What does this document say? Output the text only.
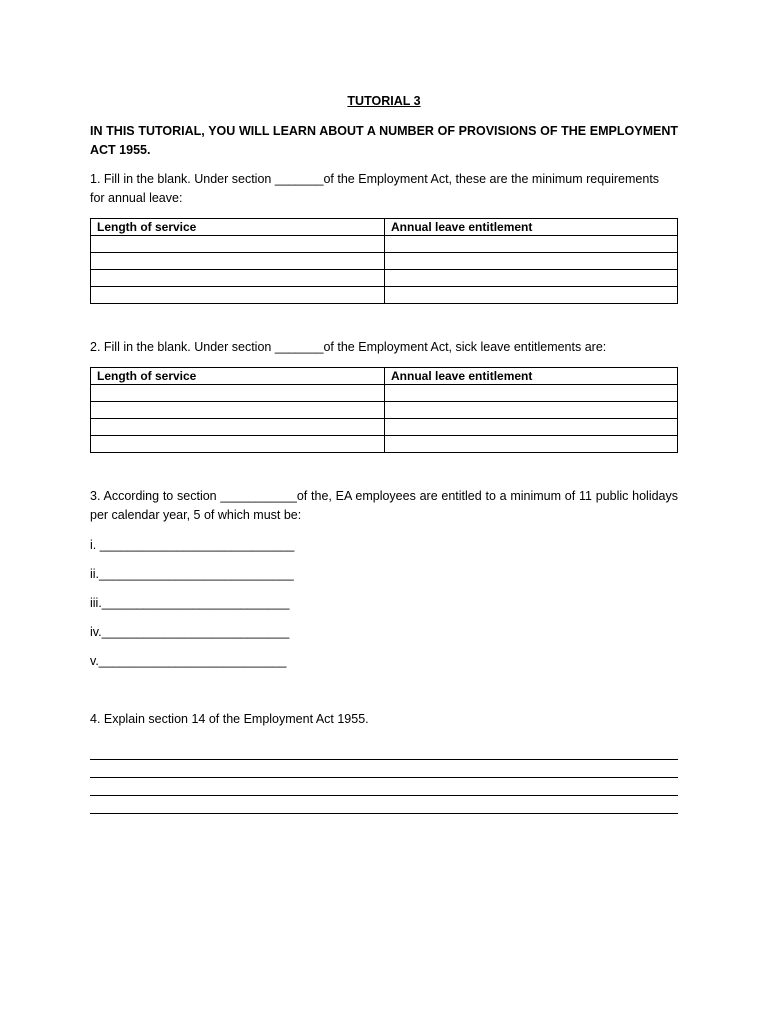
TUTORIAL 3
IN THIS TUTORIAL, YOU WILL LEARN ABOUT A NUMBER OF PROVISIONS OF THE EMPLOYMENT ACT 1955.
1. Fill in the blank. Under section _______of the Employment Act, these are the minimum requirements
for annual leave:
Length of service	Annual leave entitlement

2. Fill in the blank. Under section _______of the Employment Act, sick leave entitlements are:
Length of service	Annual leave entitlement

3. According to section ___________of the, EA employees are entitled to a minimum of 11 public holidays per calendar year, 5 of which must be:
i. ____________________________
ii.____________________________
iii.___________________________
iv.___________________________
v.___________________________
4. Explain section 14 of the Employment Act 1955.
